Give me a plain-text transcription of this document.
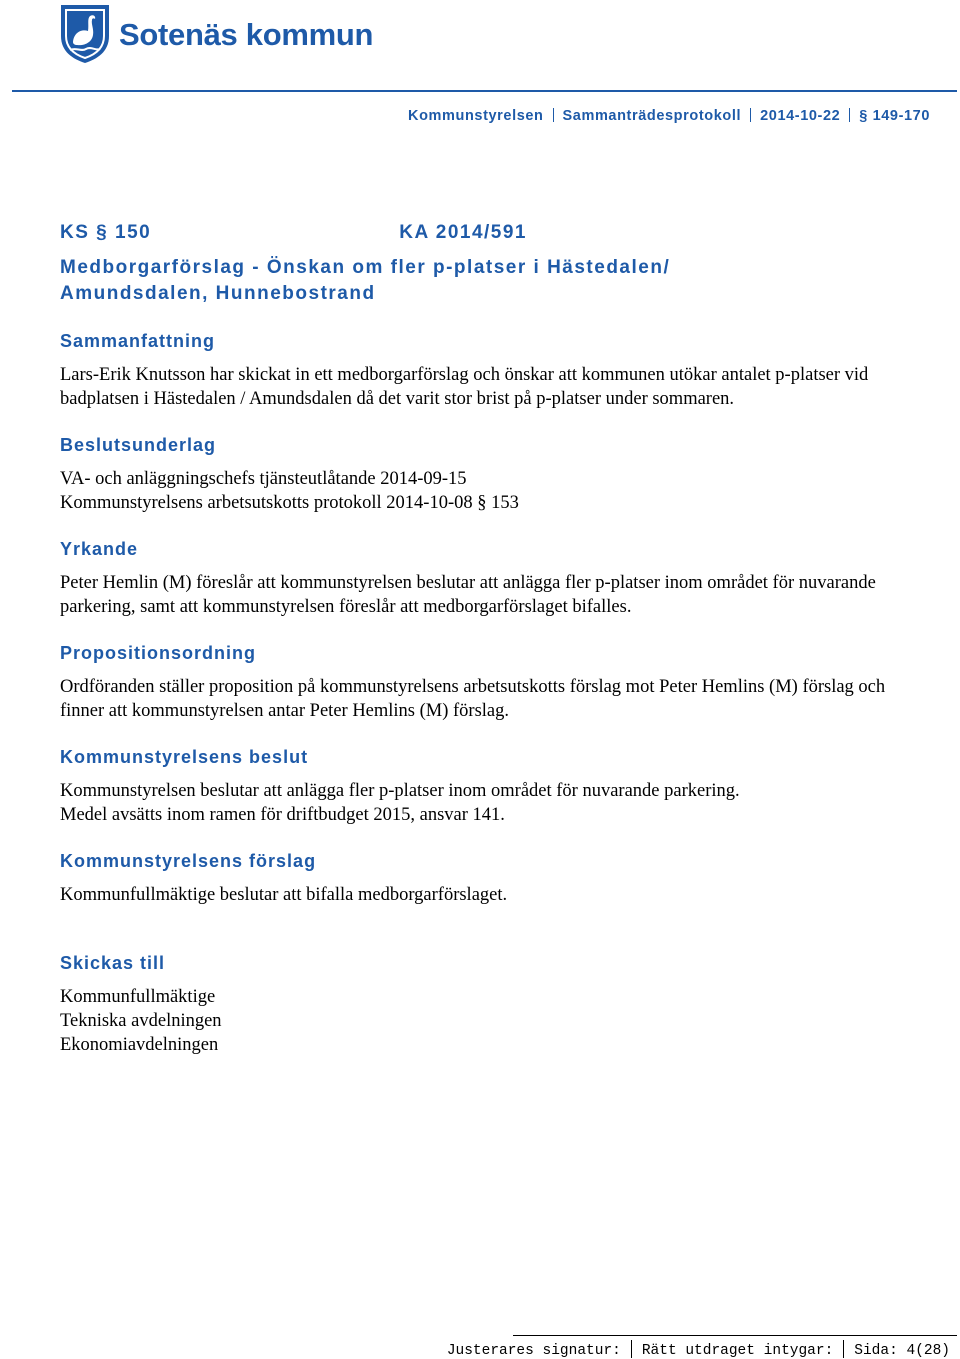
Sotenäs kommun
Kommunstyrelsen Sammanträdesprotokoll 2014-10-22 § 149-170
KS § 150	KA 2014/591
Medborgarförslag - Önskan om fler p-platser i Hästedalen/
Amundsdalen, Hunnebostrand
Sammanfattning

Lars-Erik Knutsson har skickat in ett medborgarförslag och önskar att kommunen utökar antalet p-platser vid badplatsen i Hästedalen / Amundsdalen då det varit stor brist på p-platser under sommaren.

Beslutsunderlag

VA- och anläggningschefs tjänsteutlåtande 2014-09-15

Kommunstyrelsens arbetsutskotts protokoll 2014-10-08 § 153

Yrkande

Peter Hemlin (M) föreslår att kommunstyrelsen beslutar att anlägga fler p-platser inom området för nuvarande parkering, samt att kommunstyrelsen föreslår att medborgarförslaget bifalles.

Propositionsordning

Ordföranden ställer proposition på kommunstyrelsens arbetsutskotts förslag mot Peter Hemlins (M) förslag och finner att kommunstyrelsen antar Peter Hemlins (M) förslag.

Kommunstyrelsens beslut

Kommunstyrelsen beslutar att anlägga fler p-platser inom området för nuvarande parkering.

Medel avsätts inom ramen för driftbudget 2015, ansvar 141.

Kommunstyrelsens förslag

Kommunfullmäktige beslutar att bifalla medborgarförslaget.

Skickas till
Kommunfullmäktige
Tekniska avdelningen
Ekonomiavdelningen
Justerares signatur: Rätt utdraget intygar: Sida: 4(28)
